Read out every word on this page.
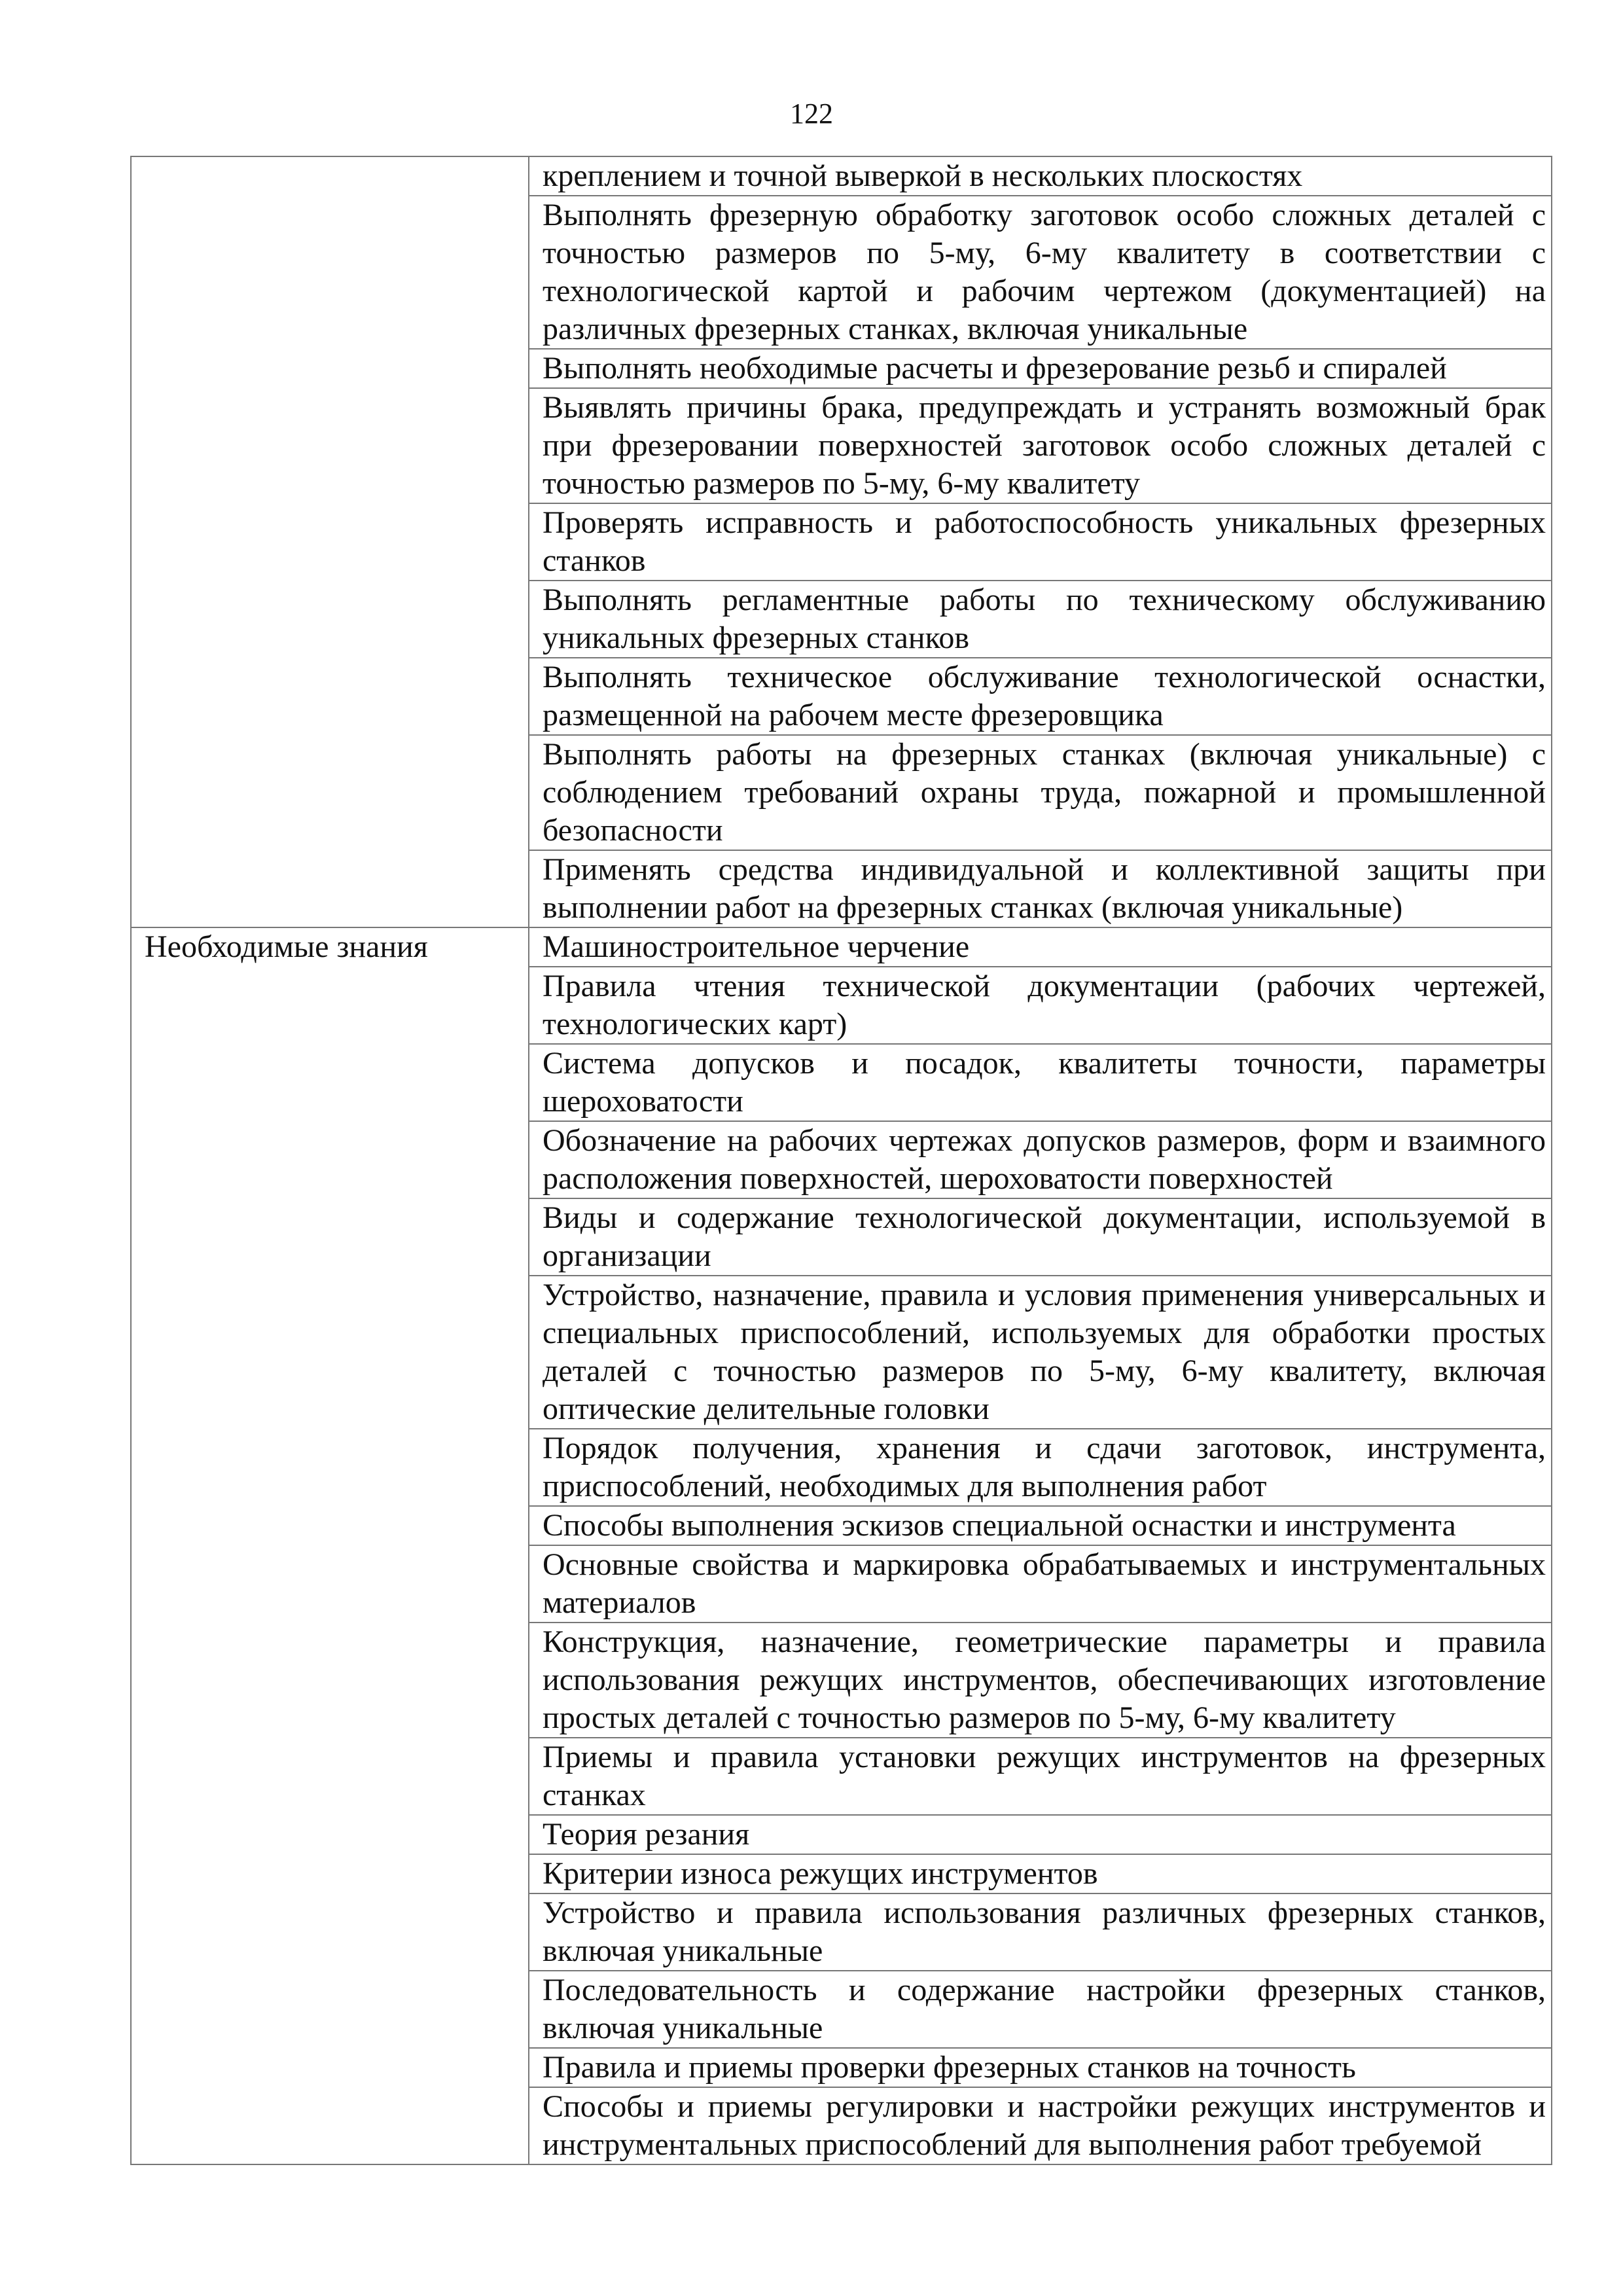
122
	креплением и точной выверкой в нескольких плоскостях
	Выполнять фрезерную обработку заготовок особо сложных деталей с точностью размеров по 5-му, 6-му квалитету в соответствии с технологической картой и рабочим чертежом (документацией) на различных фрезерных станках, включая уникальные
	Выполнять необходимые расчеты и фрезерование резьб и спиралей
	Выявлять причины брака, предупреждать и устранять возможный брак при фрезеровании поверхностей заготовок особо сложных деталей с точностью размеров по 5-му, 6-му квалитету
	Проверять исправность и работоспособность уникальных фрезерных станков
	Выполнять регламентные работы по техническому обслуживанию уникальных фрезерных станков
	Выполнять техническое обслуживание технологической оснастки, размещенной на рабочем месте фрезеровщика
	Выполнять работы на фрезерных станках (включая уникальные) с соблюдением требований охраны труда, пожарной и промышленной безопасности
	Применять средства индивидуальной и коллективной защиты при выполнении работ на фрезерных станках (включая уникальные)
Необходимые знания	Машиностроительное черчение
	Правила чтения технической документации (рабочих чертежей, технологических карт)
	Система допусков и посадок, квалитеты точности, параметры шероховатости
	Обозначение на рабочих чертежах допусков размеров, форм и взаимного расположения поверхностей, шероховатости поверхностей
	Виды и содержание технологической документации, используемой в организации
	Устройство, назначение, правила и условия применения универсальных и специальных приспособлений, используемых для обработки простых деталей с точностью размеров по 5-му, 6-му квалитету, включая оптические делительные головки
	Порядок получения, хранения и сдачи заготовок, инструмента, приспособлений, необходимых для выполнения работ
	Способы выполнения эскизов специальной оснастки и инструмента
	Основные свойства и маркировка обрабатываемых и инструментальных материалов
	Конструкция, назначение, геометрические параметры и правила использования режущих инструментов, обеспечивающих изготовление простых деталей с точностью размеров по 5-му, 6-му квалитету
	Приемы и правила установки режущих инструментов на фрезерных станках
	Теория резания
	Критерии износа режущих инструментов
	Устройство и правила использования различных фрезерных станков, включая уникальные
	Последовательность и содержание настройки фрезерных станков, включая уникальные
	Правила и приемы проверки фрезерных станков на точность
	Способы и приемы регулировки и настройки режущих инструментов и инструментальных приспособлений для выполнения работ требуемой
